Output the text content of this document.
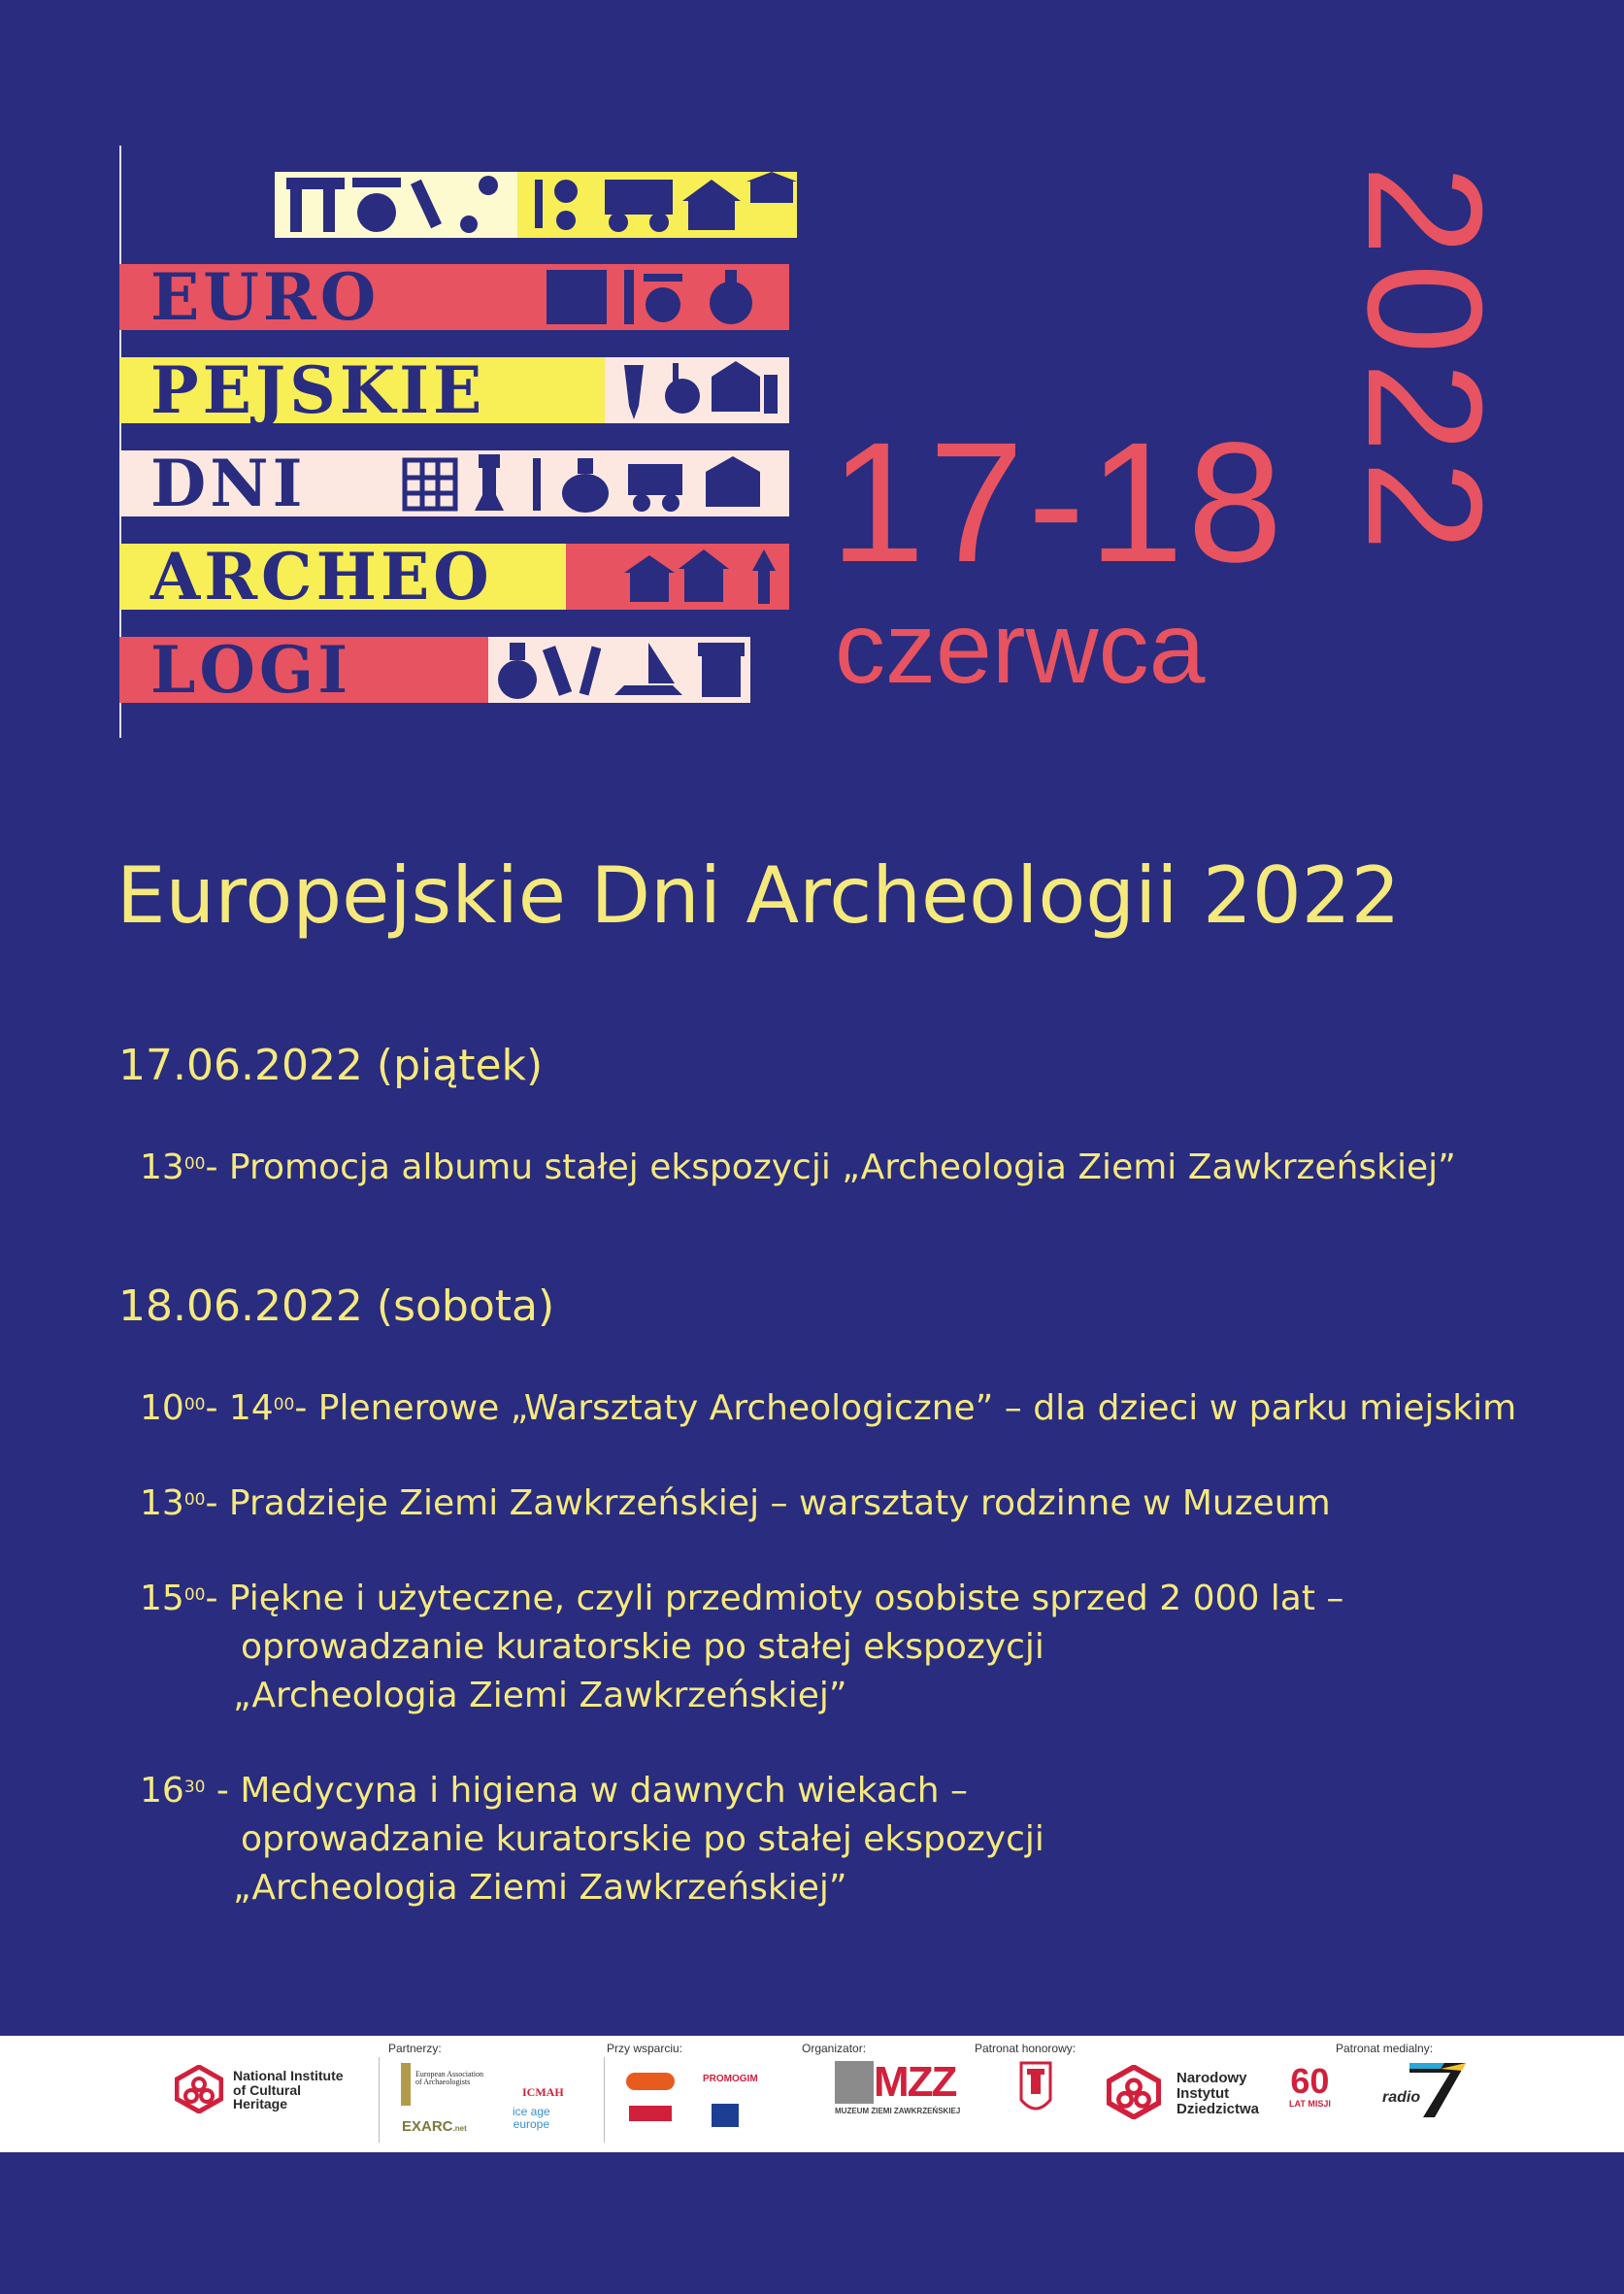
EURO
PEJSKIE
DNI
ARCHEO
LOGI
17-18
czerwca
2022
Europejskie Dni Archeologii 2022
17.06.2022 (piątek)
$13^{00}-$ Promocja albumu stałej ekspozycji „Archeologia Ziemi Zawkrzeńskiej”
18.06.2022 (sobota)
$10^{00}-$ $14^{00}-$ Plenerowe „Warsztaty Archeologiczne” – dla dzieci w parku miejskim
$13^{00}-$ Pradzieje Ziemi Zawkrzeńskiej – warsztaty rodzinne w Muzeum
$15^{00}-$ Piękne i użyteczne, czyli przedmioty osobiste sprzed 2 000 lat –
oprowadzanie kuratorskie po stałej ekspozycji
„Archeologia Ziemi Zawkrzeńskiej”
$16^{30}$ - Medycyna i higiena w dawnych wiekach –
oprowadzanie kuratorskie po stałej ekspozycji
„Archeologia Ziemi Zawkrzeńskiej”
Partnerzy:	Przy wsparciu:	Organizator:	Patronat honorowy:	Patronat medialny:
National Institute
of Cultural
Heritage
European Association
of Archaeologists
ICMAH
EXARC.net
ice age
europe
PROMOGIM	MZZ
MUZEUM ZIEMI ZAWKRZEŃSKIEJ
Narodowy
Instytut
Dziedzictwa
60
LAT MISJI	radio
